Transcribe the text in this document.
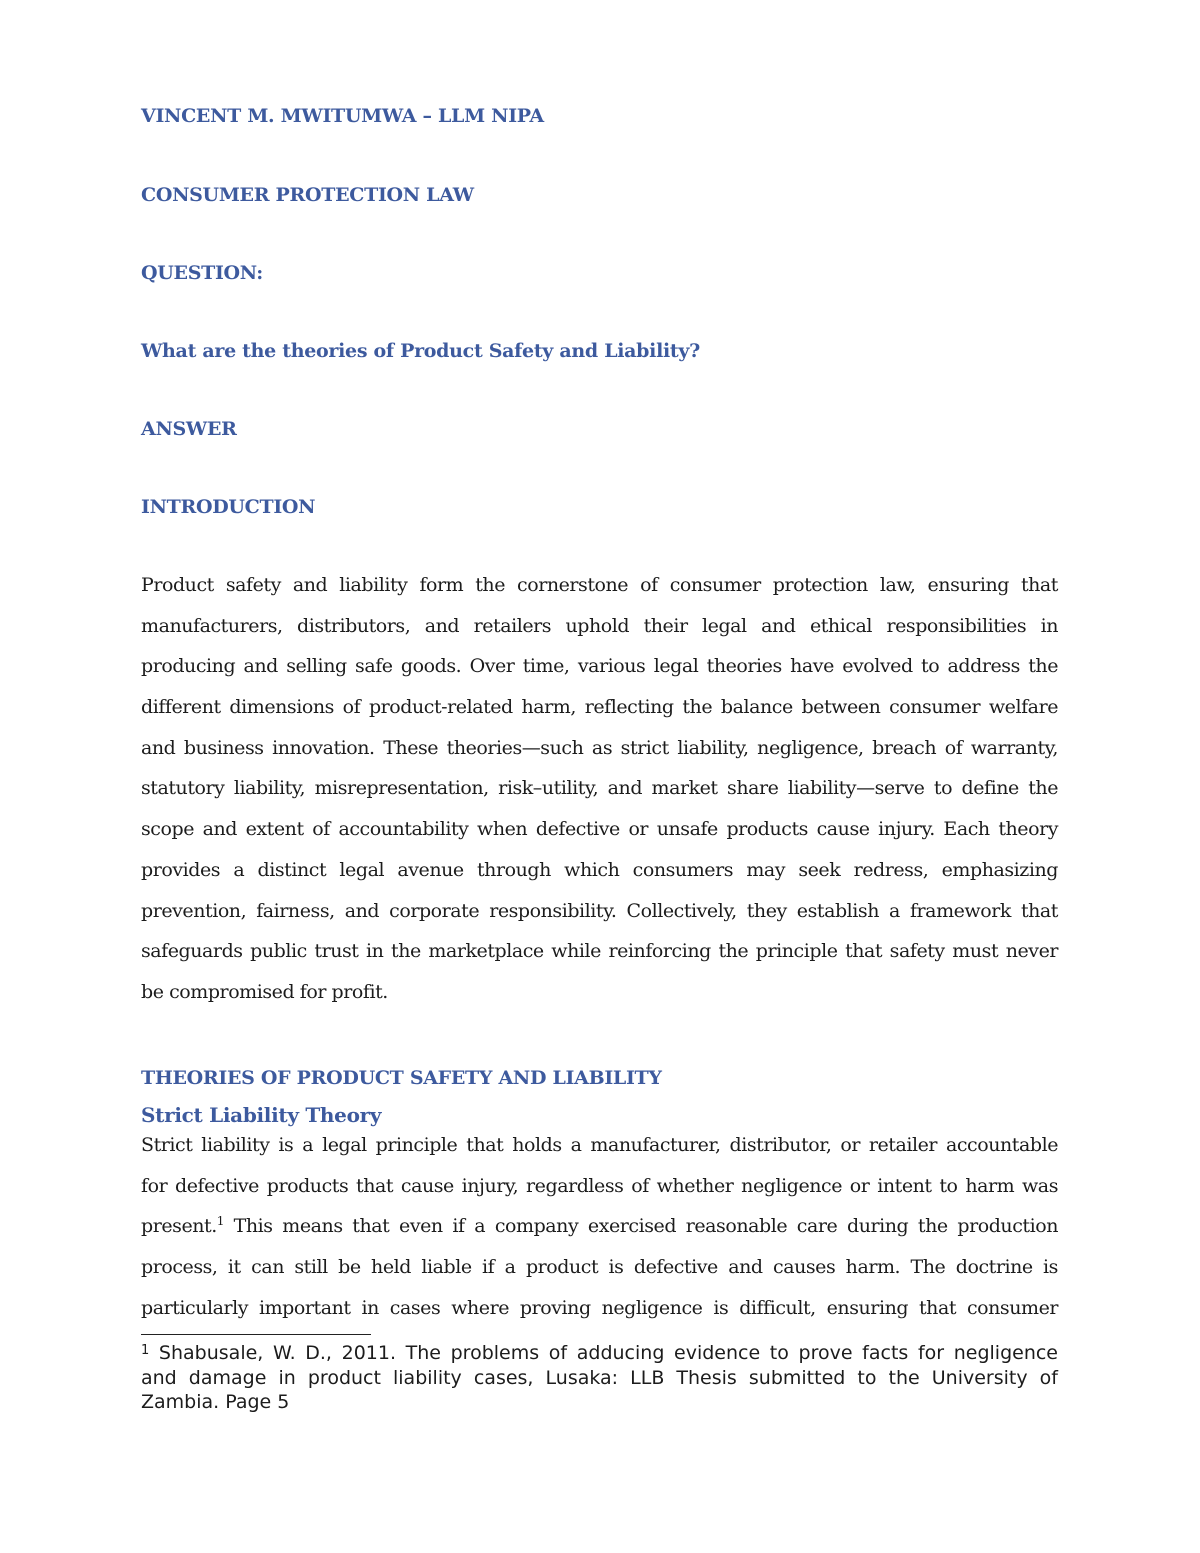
VINCENT M. MWITUMWA – LLM NIPA
CONSUMER PROTECTION LAW
QUESTION:
What are the theories of Product Safety and Liability?
ANSWER
INTRODUCTION
Product safety and liability form the cornerstone of consumer protection law, ensuring that
manufacturers, distributors, and retailers uphold their legal and ethical responsibilities in
producing and selling safe goods. Over time, various legal theories have evolved to address the
different dimensions of product-related harm, reflecting the balance between consumer welfare
and business innovation. These theories—such as strict liability, negligence, breach of warranty,
statutory liability, misrepresentation, risk–utility, and market share liability—serve to define the
scope and extent of accountability when defective or unsafe products cause injury. Each theory
provides a distinct legal avenue through which consumers may seek redress, emphasizing
prevention, fairness, and corporate responsibility. Collectively, they establish a framework that
safeguards public trust in the marketplace while reinforcing the principle that safety must never
be compromised for profit.
THEORIES OF PRODUCT SAFETY AND LIABILITY
Strict Liability Theory
Strict liability is a legal principle that holds a manufacturer, distributor, or retailer accountable
for defective products that cause injury, regardless of whether negligence or intent to harm was
present.$^1$ This means that even if a company exercised reasonable care during the production
process, it can still be held liable if a product is defective and causes harm. The doctrine is
particularly important in cases where proving negligence is difficult, ensuring that consumer
$^1$ Shabusale, W. D., 2011. The problems of adducing evidence to prove facts for negligence
and damage in product liability cases, Lusaka: LLB Thesis submitted to the University of
Zambia. Page 5
